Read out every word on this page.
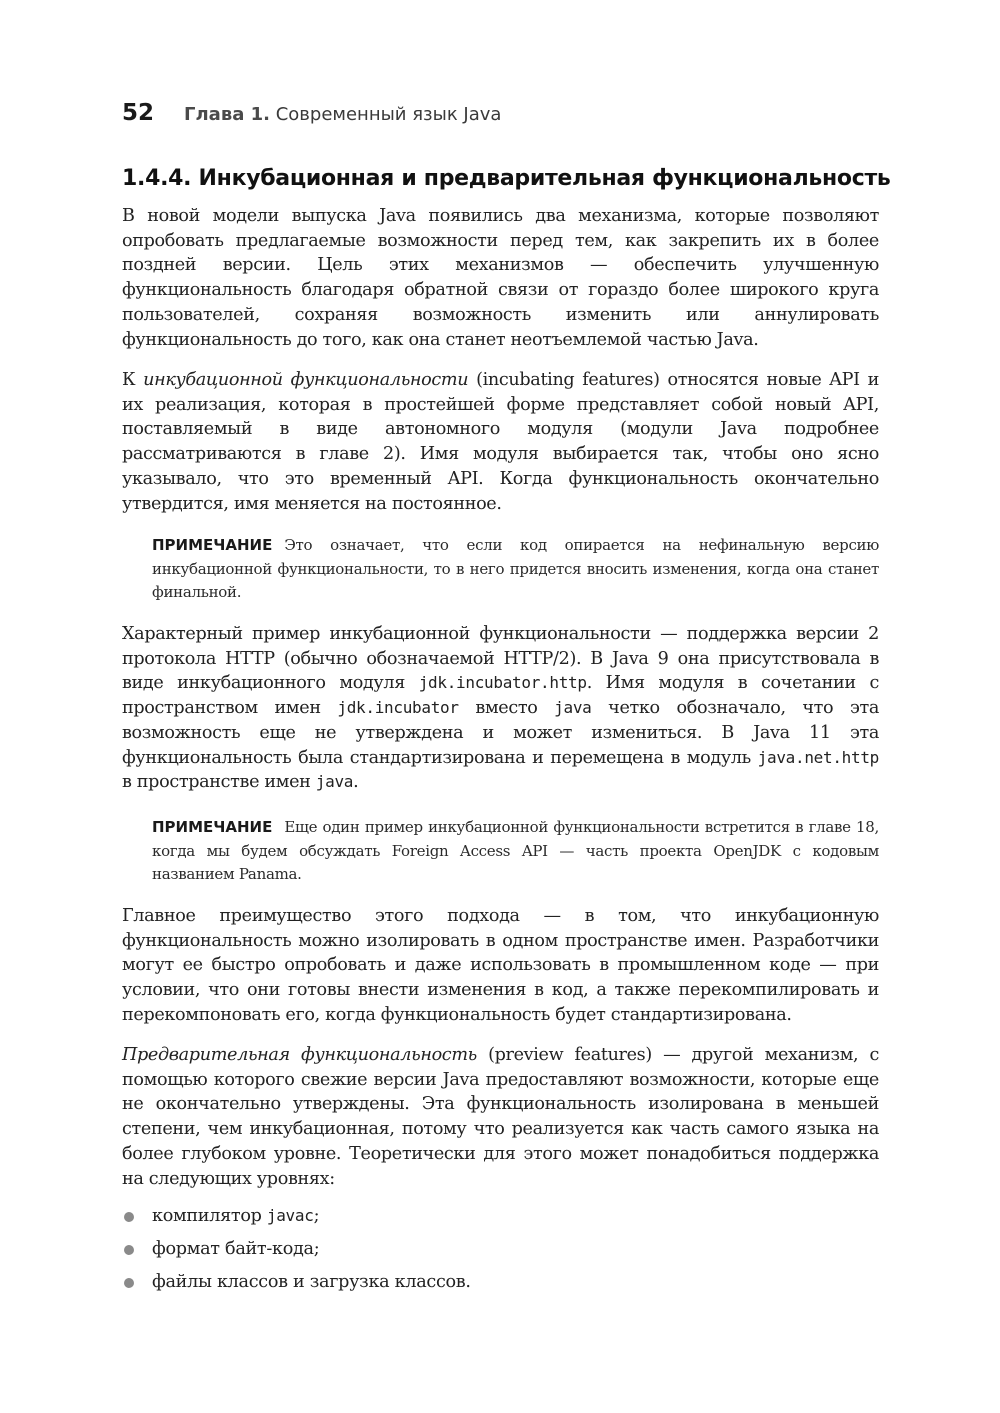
52 Глава 1. Современный язык Java
1.4.4. Инкубационная и предварительная функциональность

В новой модели выпуска Java появились два механизма, которые позволяют опробовать предлагаемые возможности перед тем, как закрепить их в более поздней версии. Цель этих механизмов — обеспечить улучшенную функциональность благодаря обратной связи от гораздо более широкого круга пользователей, сохраняя возможность изменить или аннулировать функциональность до того, как она станет неотъемлемой частью Java.

К инкубационной функциональности (incubating features) относятся новые API и их реализация, которая в простейшей форме представляет собой новый API, поставляемый в виде автономного модуля (модули Java подробнее рассматриваются в главе 2). Имя модуля выбирается так, чтобы оно ясно указывало, что это временный API. Когда функциональность окончательно утвердится, имя меняется на постоянное.

ПРИМЕЧАНИЕ Это означает, что если код опирается на нефинальную версию инкубационной функциональности, то в него придется вносить изменения, когда она станет финальной.

Характерный пример инкубационной функциональности — поддержка версии 2 протокола HTTP (обычно обозначаемой HTTP/2). В Java 9 она присутствовала в виде инкубационного модуля jdk.incubator.http. Имя модуля в сочетании с пространством имен jdk.incubator вместо java четко обозначало, что эта возможность еще не утверждена и может измениться. В Java 11 эта функциональность была стандартизирована и перемещена в модуль java.net.http в пространстве имен java.

ПРИМЕЧАНИЕ Еще один пример инкубационной функциональности встретится в главе 18, когда мы будем обсуждать Foreign Access API — часть проекта OpenJDK с кодовым названием Panama.

Главное преимущество этого подхода — в том, что инкубационную функциональность можно изолировать в одном пространстве имен. Разработчики могут ее быстро опробовать и даже использовать в промышленном коде — при условии, что они готовы внести изменения в код, а также перекомпилировать и перекомпоновать его, когда функциональность будет стандартизирована.

Предварительная функциональность (preview features) — другой механизм, с помощью которого свежие версии Java предоставляют возможности, которые еще не окончательно утверждены. Эта функциональность изолирована в меньшей степени, чем инкубационная, потому что реализуется как часть самого языка на более глубоком уровне. Теоретически для этого может понадобиться поддержка на следующих уровнях:

компилятор javac;
формат байт-кода;
файлы классов и загрузка классов.
